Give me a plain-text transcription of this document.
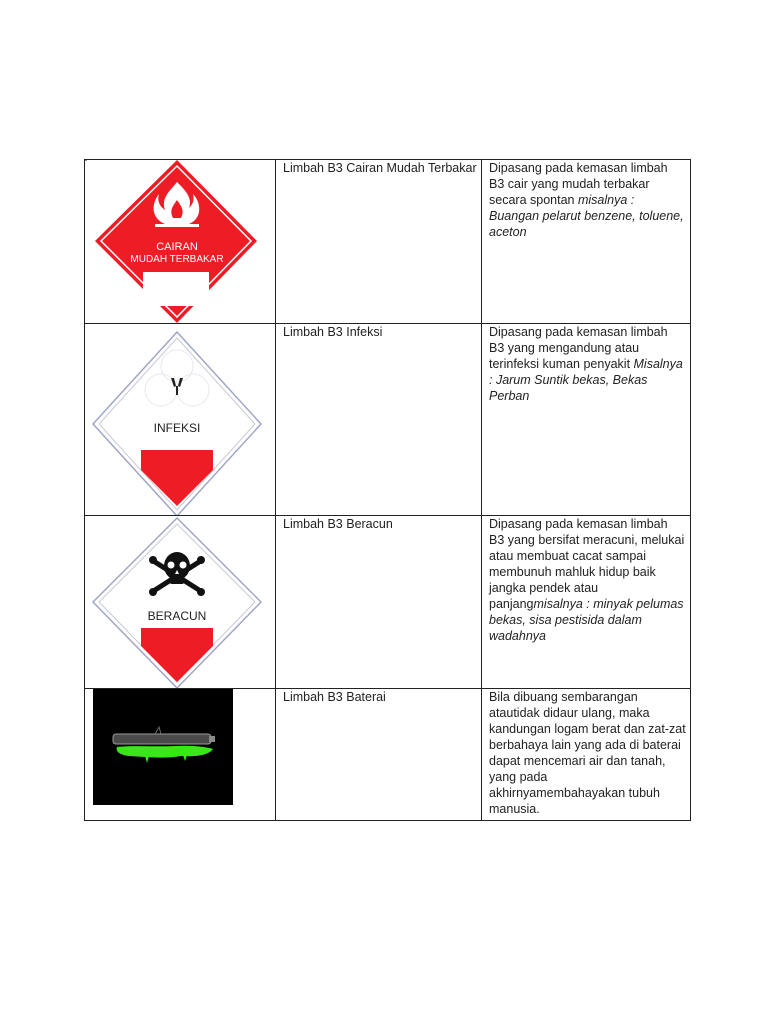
CAIRAN
MUDAH TERBAKAR	Limbah B3 Cairan Mudah Terbakar	Dipasang pada kemasan limbah B3 cair yang mudah terbakar secara spontan misalnya : Buangan pelarut benzene, toluene, aceton

INFEKSI	Limbah B3 Infeksi	Dipasang pada kemasan limbah B3 yang mengandung atau terinfeksi kuman penyakit Misalnya : Jarum Suntik bekas, Bekas Perban

BERACUN	Limbah B3 Beracun	Dipasang pada kemasan limbah B3 yang bersifat meracuni, melukai atau membuat cacat sampai membunuh mahluk hidup baik jangka pendek atau panjangmisalnya : minyak pelumas bekas, sisa pestisida dalam wadahnya

	Limbah B3 Baterai	Bila dibuang sembarangan atautidak didaur ulang, maka kandungan logam berat dan zat-zat berbahaya lain yang ada di baterai dapat mencemari air dan tanah, yang pada akhirnyamembahayakan tubuh manusia.
